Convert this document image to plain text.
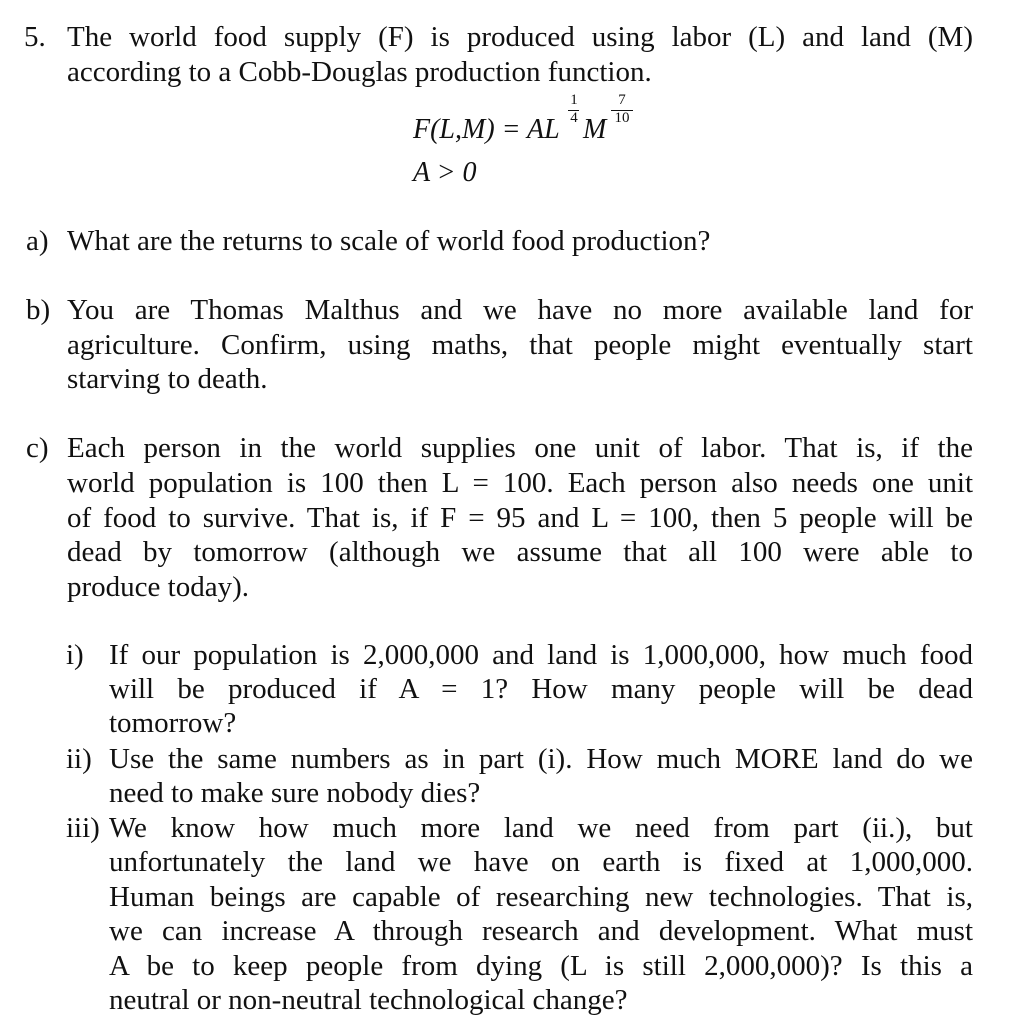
5. The world food supply (F) is produced using labor (L) and land (M)
according to a Cobb-Douglas production function.
F(L,M) = AL
1
4 M
7
10
A > 0
a) What are the returns to scale of world food production?
b) You are Thomas Malthus and we have no more available land for
agriculture. Confirm, using maths, that people might eventually start
starving to death.
c) Each person in the world supplies one unit of labor. That is, if the
world population is 100 then L = 100. Each person also needs one unit
of food to survive. That is, if F = 95 and L = 100, then 5 people will be
dead by tomorrow (although we assume that all 100 were able to
produce today).
i) If our population is 2,000,000 and land is 1,000,000, how much food
will be produced if A = 1? How many people will be dead
tomorrow?
ii) Use the same numbers as in part (i). How much MORE land do we
need to make sure nobody dies?
iii) We know how much more land we need from part (ii.), but
unfortunately the land we have on earth is fixed at 1,000,000.
Human beings are capable of researching new technologies. That is,
we can increase A through research and development. What must
A be to keep people from dying (L is still 2,000,000)? Is this a
neutral or non-neutral technological change?
